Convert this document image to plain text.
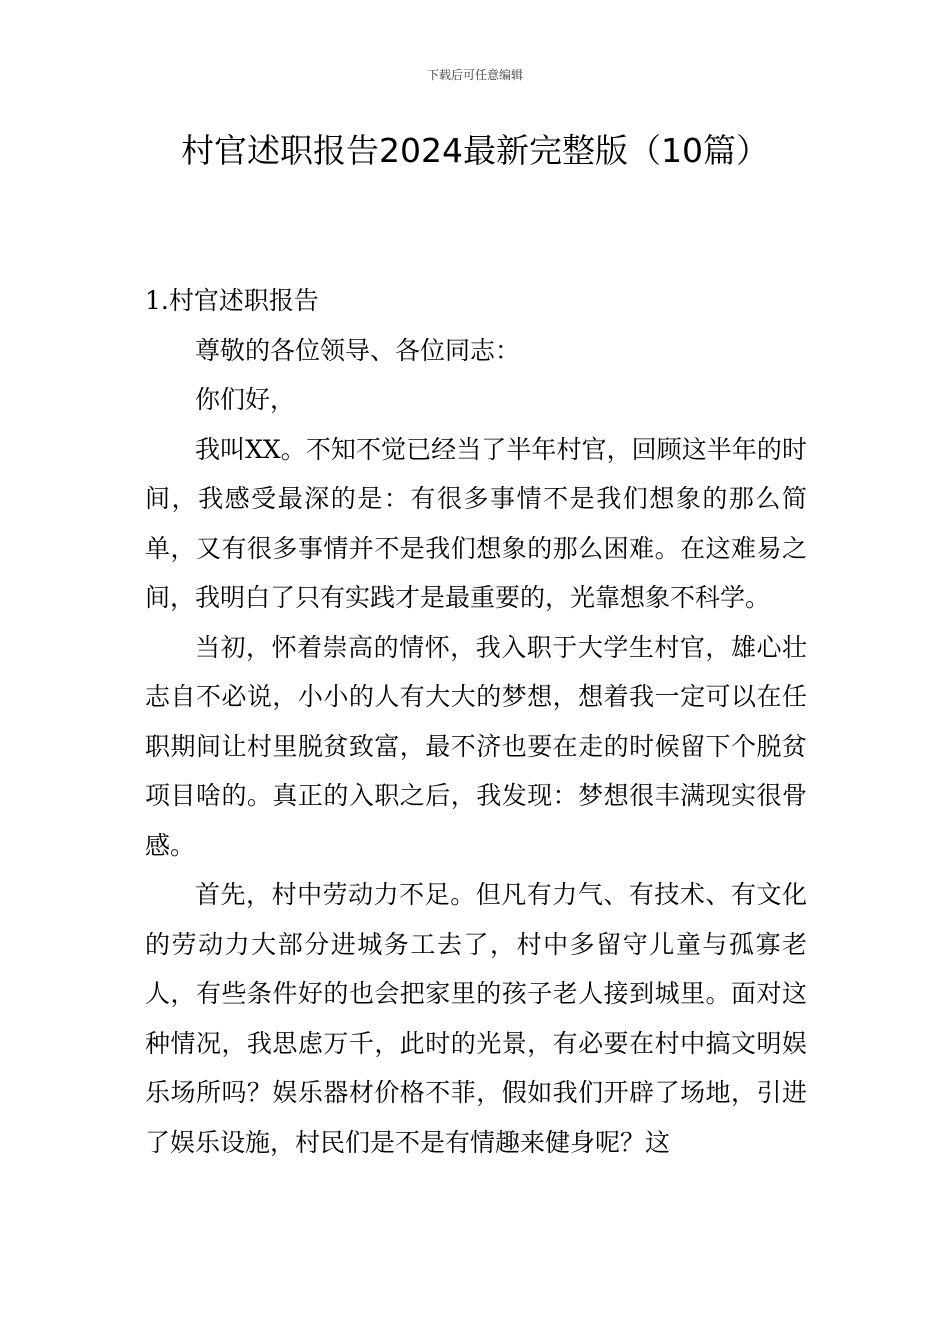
下载后可任意编辑
村官述职报告2024最新完整版（10篇）
1.村官述职报告

尊敬的各位领导、各位同志：

你们好，

我叫XX。不知不觉已经当了半年村官，回顾这半年的时间，我感受最深的是：有很多事情不是我们想象的那么简单，又有很多事情并不是我们想象的那么困难。在这难易之间，我明白了只有实践才是最重要的，光靠想象不科学。

当初，怀着崇高的情怀，我入职于大学生村官，雄心壮志自不必说，小小的人有大大的梦想，想着我一定可以在任职期间让村里脱贫致富，最不济也要在走的时候留下个脱贫项目啥的。真正的入职之后，我发现：梦想很丰满现实很骨感。

首先，村中劳动力不足。但凡有力气、有技术、有文化的劳动力大部分进城务工去了，村中多留守儿童与孤寡老人，有些条件好的也会把家里的孩子老人接到城里。面对这种情况，我思虑万千，此时的光景，有必要在村中搞文明娱乐场所吗？娱乐器材价格不菲，假如我们开辟了场地，引进了娱乐设施，村民们是不是有情趣来健身呢？这
